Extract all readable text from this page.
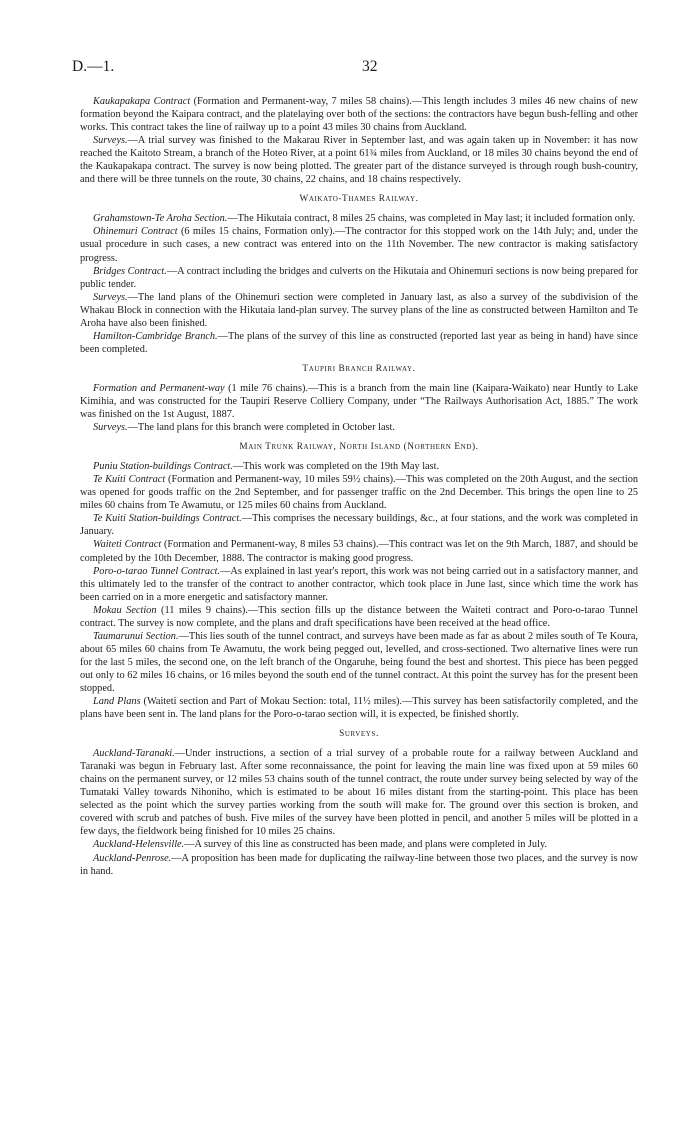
D.—1.	32

Kaukapakapa Contract (Formation and Permanent-way, 7 miles 58 chains).—This length includes 3 miles 46 new chains of new formation beyond the Kaipara contract, and the platelaying over both of the sections: the contractors have begun bush-felling and other works. This contract takes the line of railway up to a point 43 miles 30 chains from Auckland.

Surveys.—A trial survey was finished to the Makarau River in September last, and was again taken up in November: it has now reached the Kaitoto Stream, a branch of the Hoteo River, at a point 61¾ miles from Auckland, or 18 miles 30 chains beyond the end of the Kaukapakapa contract. The survey is now being plotted. The greater part of the distance surveyed is through rough bush-country, and there will be three tunnels on the route, 30 chains, 22 chains, and 18 chains respectively.

Waikato-Thames Railway.

Grahamstown-Te Aroha Section.—The Hikutaia contract, 8 miles 25 chains, was completed in May last; it included formation only.

Ohinemuri Contract (6 miles 15 chains, Formation only).—The contractor for this stopped work on the 14th July; and, under the usual procedure in such cases, a new contract was entered into on the 11th November. The new contractor is making satisfactory progress.

Bridges Contract.—A contract including the bridges and culverts on the Hikutaia and Ohinemuri sections is now being prepared for public tender.

Surveys.—The land plans of the Ohinemuri section were completed in January last, as also a survey of the subdivision of the Whakau Block in connection with the Hikutaia land-plan survey. The survey plans of the line as constructed between Hamilton and Te Aroha have also been finished.

Hamilton-Cambridge Branch.—The plans of the survey of this line as constructed (reported last year as being in hand) have since been completed.

Taupiri Branch Railway.

Formation and Permanent-way (1 mile 76 chains).—This is a branch from the main line (Kaipara-Waikato) near Huntly to Lake Kimihia, and was constructed for the Taupiri Reserve Colliery Company, under “The Railways Authorisation Act, 1885.” The work was finished on the 1st August, 1887.

Surveys.—The land plans for this branch were completed in October last.

Main Trunk Railway, North Island (Northern End).

Puniu Station-buildings Contract.—This work was completed on the 19th May last.

Te Kuiti Contract (Formation and Permanent-way, 10 miles 59½ chains).—This was completed on the 20th August, and the section was opened for goods traffic on the 2nd September, and for passenger traffic on the 2nd December. This brings the open line to 25 miles 60 chains from Te Awamutu, or 125 miles 60 chains from Auckland.

Te Kuiti Station-buildings Contract.—This comprises the necessary buildings, &c., at four stations, and the work was completed in January.

Waiteti Contract (Formation and Permanent-way, 8 miles 53 chains).—This contract was let on the 9th March, 1887, and should be completed by the 10th December, 1888. The contractor is making good progress.

Poro-o-tarao Tunnel Contract.—As explained in last year's report, this work was not being carried out in a satisfactory manner, and this ultimately led to the transfer of the contract to another contractor, which took place in June last, since which time the work has been carried on in a more energetic and satisfactory manner.

Mokau Section (11 miles 9 chains).—This section fills up the distance between the Waiteti contract and Poro-o-tarao Tunnel contract. The survey is now complete, and the plans and draft specifications have been received at the head office.

Taumarunui Section.—This lies south of the tunnel contract, and surveys have been made as far as about 2 miles south of Te Koura, about 65 miles 60 chains from Te Awamutu, the work being pegged out, levelled, and cross-sectioned. Two alternative lines were run for the last 5 miles, the second one, on the left branch of the Ongaruhe, being found the best and shortest. This piece has been pegged out only to 62 miles 16 chains, or 16 miles beyond the south end of the tunnel contract. At this point the survey has for the present been stopped.

Land Plans (Waiteti section and Part of Mokau Section: total, 11½ miles).—This survey has been satisfactorily completed, and the plans have been sent in. The land plans for the Poro-o-tarao section will, it is expected, be finished shortly.

Surveys.

Auckland-Taranaki.—Under instructions, a section of a trial survey of a probable route for a railway between Auckland and Taranaki was begun in February last. After some reconnaissance, the point for leaving the main line was fixed upon at 59 miles 60 chains on the permanent survey, or 12 miles 53 chains south of the tunnel contract, the route under survey being selected by way of the Tumataki Valley towards Nihoniho, which is estimated to be about 16 miles distant from the starting-point. This place has been selected as the point which the survey parties working from the south will make for. The ground over this section is broken, and covered with scrub and patches of bush. Five miles of the survey have been plotted in pencil, and another 5 miles will be plotted in a few days, the fieldwork being finished for 10 miles 25 chains.

Auckland-Helensville.—A survey of this line as constructed has been made, and plans were completed in July.

Auckland-Penrose.—A proposition has been made for duplicating the railway-line between those two places, and the survey is now in hand.
